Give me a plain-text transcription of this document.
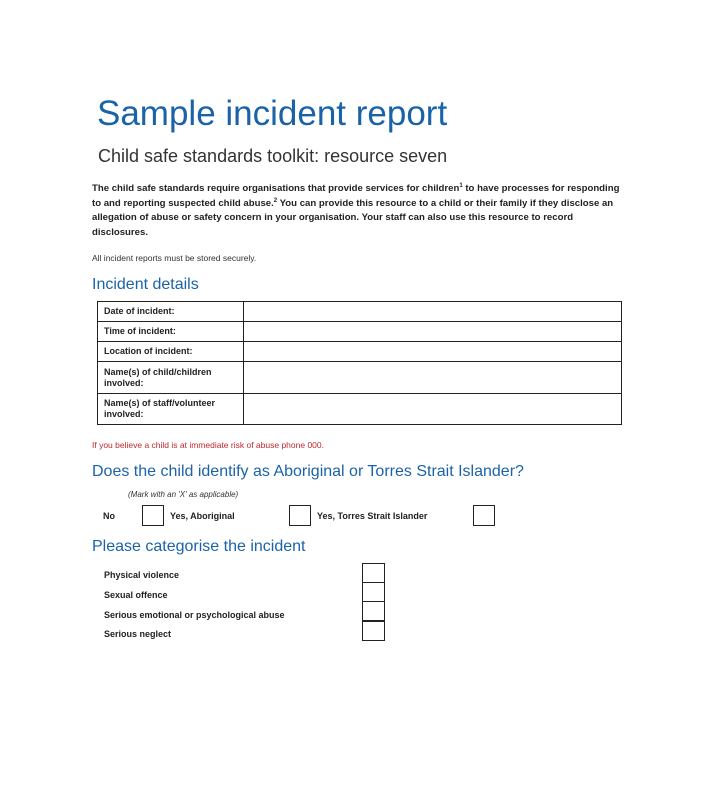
Sample incident report
Child safe standards toolkit: resource seven

The child safe standards require organisations that provide services for children$^1$ to have processes for responding to and reporting suspected child abuse.$^2$ You can provide this resource to a child or their family if they disclose an allegation of abuse or safety concern in your organisation. Your staff can also use this resource to record disclosures.

All incident reports must be stored securely.
Incident details
Date of incident:	
Time of incident:	
Location of incident:	
Name(s) of child/children involved:	
Name(s) of staff/volunteer involved:	
If you believe a child is at immediate risk of abuse phone 000.
Does the child identify as Aboriginal or Torres Strait Islander?
(Mark with an 'X' as applicable)
No	Yes, Aboriginal	Yes, Torres Strait Islander
Please categorise the incident
Physical violence
Sexual offence
Serious emotional or psychological abuse
Serious neglect
